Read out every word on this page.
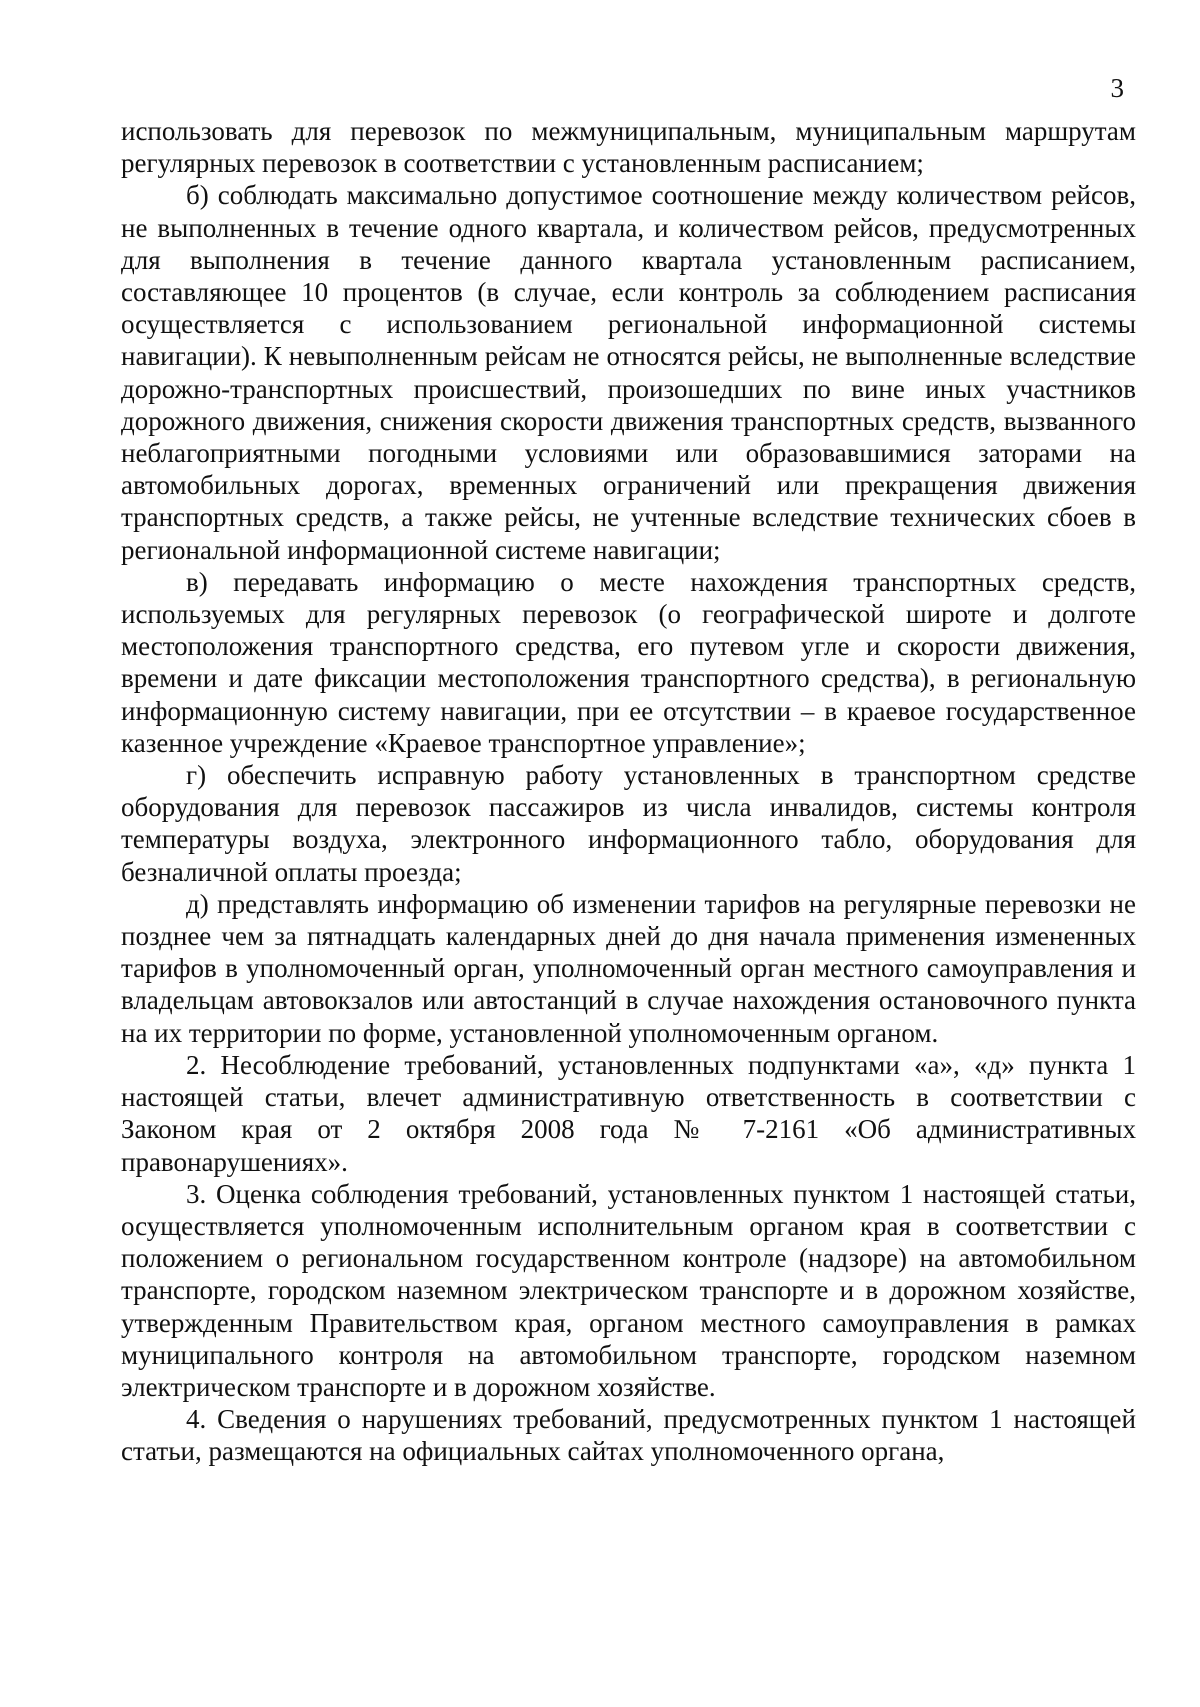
3

использовать для перевозок по межмуниципальным, муниципальным маршрутам регулярных перевозок в соответствии с установленным расписанием;

б) соблюдать максимально допустимое соотношение между количеством рейсов, не выполненных в течение одного квартала, и количеством рейсов, предусмотренных для выполнения в течение данного квартала установленным расписанием, составляющее 10 процентов (в случае, если контроль за соблюдением расписания осуществляется с использованием региональной информационной системы навигации). К невыполненным рейсам не относятся рейсы, не выполненные вследствие дорожно-транспортных происшествий, произошедших по вине иных участников дорожного движения, снижения скорости движения транспортных средств, вызванного неблагоприятными погодными условиями или образовавшимися заторами на автомобильных дорогах, временных ограничений или прекращения движения транспортных средств, а также рейсы, не учтенные вследствие технических сбоев в региональной информационной системе навигации;

в) передавать информацию о месте нахождения транспортных средств, используемых для регулярных перевозок (о географической широте и долготе местоположения транспортного средства, его путевом угле и скорости движения, времени и дате фиксации местоположения транспортного средства), в региональную информационную систему навигации, при ее отсутствии – в краевое государственное казенное учреждение «Краевое транспортное управление»;

г) обеспечить исправную работу установленных в транспортном средстве оборудования для перевозок пассажиров из числа инвалидов, системы контроля температуры воздуха, электронного информационного табло, оборудования для безналичной оплаты проезда;

д) представлять информацию об изменении тарифов на регулярные перевозки не позднее чем за пятнадцать календарных дней до дня начала применения измененных тарифов в уполномоченный орган, уполномоченный орган местного самоуправления и владельцам автовокзалов или автостанций в случае нахождения остановочного пункта на их территории по форме, установленной уполномоченным органом.

2. Несоблюдение требований, установленных подпунктами «а», «д» пункта 1 настоящей статьи, влечет административную ответственность в соответствии с Законом края от 2 октября 2008 года № 7-2161 «Об административных правонарушениях».

3. Оценка соблюдения требований, установленных пунктом 1 настоящей статьи, осуществляется уполномоченным исполнительным органом края в соответствии с положением о региональном государственном контроле (надзоре) на автомобильном транспорте, городском наземном электрическом транспорте и в дорожном хозяйстве, утвержденным Правительством края, органом местного самоуправления в рамках муниципального контроля на автомобильном транспорте, городском наземном электрическом транспорте и в дорожном хозяйстве.

4. Сведения о нарушениях требований, предусмотренных пунктом 1 настоящей статьи, размещаются на официальных сайтах уполномоченного органа,
